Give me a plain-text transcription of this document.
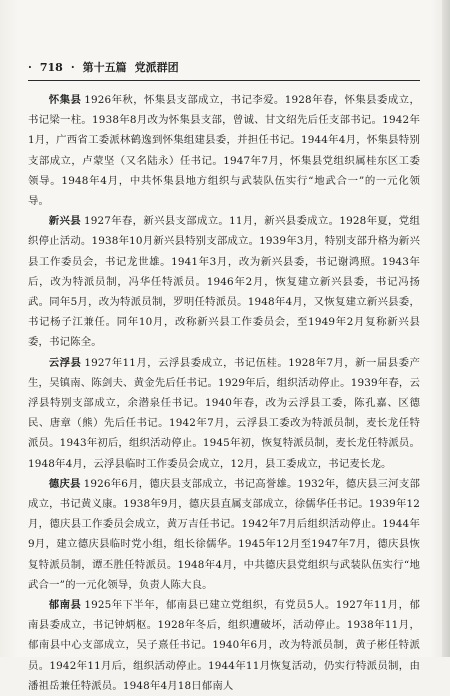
· 718 · 第十五篇 党派群团

怀集县 1926年秋，怀集县支部成立，书记李爱。1928年春，怀集县委成立，书记梁一柱。1938年8月改为怀集县支部，曾诚、甘文绍先后任支部书记。1942年1月，广西省工委派林鹤逸到怀集组建县委，并担任书记。1944年4月，怀集县特别支部成立，卢蒙坚（又名陆永）任书记。1947年7月，怀集县党组织属桂东区工委领导。1948年4月，中共怀集县地方组织与武装队伍实行“地武合一”的一元化领导。

新兴县 1927年春，新兴县支部成立。11月，新兴县委成立。1928年夏，党组织停止活动。1938年10月新兴县特别支部成立。1939年3月，特别支部升格为新兴县工作委员会，书记龙世雄。1941年3月，改为新兴县委，书记谢鸿照。1943年后，改为特派员制，冯华任特派员。1946年2月，恢复建立新兴县委，书记冯扬武。同年5月，改为特派员制，罗明任特派员。1948年4月，又恢复建立新兴县委，书记杨子江兼任。同年10月，改称新兴县工作委员会，至1949年2月复称新兴县委，书记陈全。

云浮县 1927年11月，云浮县委成立，书记伍桂。1928年7月，新一届县委产生，吴镇南、陈剑夫、黄金先后任书记。1929年后，组织活动停止。1939年春，云浮县特别支部成立，余潜泉任书记。1940年春，改为云浮县工委，陈孔嘉、区德民、唐章（熊）先后任书记。1942年7月，云浮县工委改为特派员制，麦长龙任特派员。1943年初后，组织活动停止。1945年初，恢复特派员制，麦长龙任特派员。1948年4月，云浮县临时工作委员会成立，12月，县工委成立，书记麦长龙。

德庆县 1926年6月，德庆县支部成立，书记高誉雄。1932年，德庆县三河支部成立，书记黄义康。1938年9月，德庆县直属支部成立，徐儒华任书记。1939年12月，德庆县工作委员会成立，黄万吉任书记。1942年7月后组织活动停止。1944年9月，建立德庆县临时党小组，组长徐儒华。1945年12月至1947年7月，德庆县恢复特派员制，谭丕胜任特派员。1948年4月，中共德庆县党组织与武装队伍实行“地武合一”的一元化领导，负责人陈大良。

郁南县 1925年下半年，郁南县已建立党组织，有党员5人。1927年11月，郁南县委成立，书记钟炳枢。1928年冬后，组织遭破坏，活动停止。1938年11月，郁南县中心支部成立，吴子熹任书记。1940年6月，改为特派员制，黄子彬任特派员。1942年11月后，组织活动停止。1944年11月恢复活动，仍实行特派员制，由潘祖岳兼任特派员。1948年4月18日郁南人
